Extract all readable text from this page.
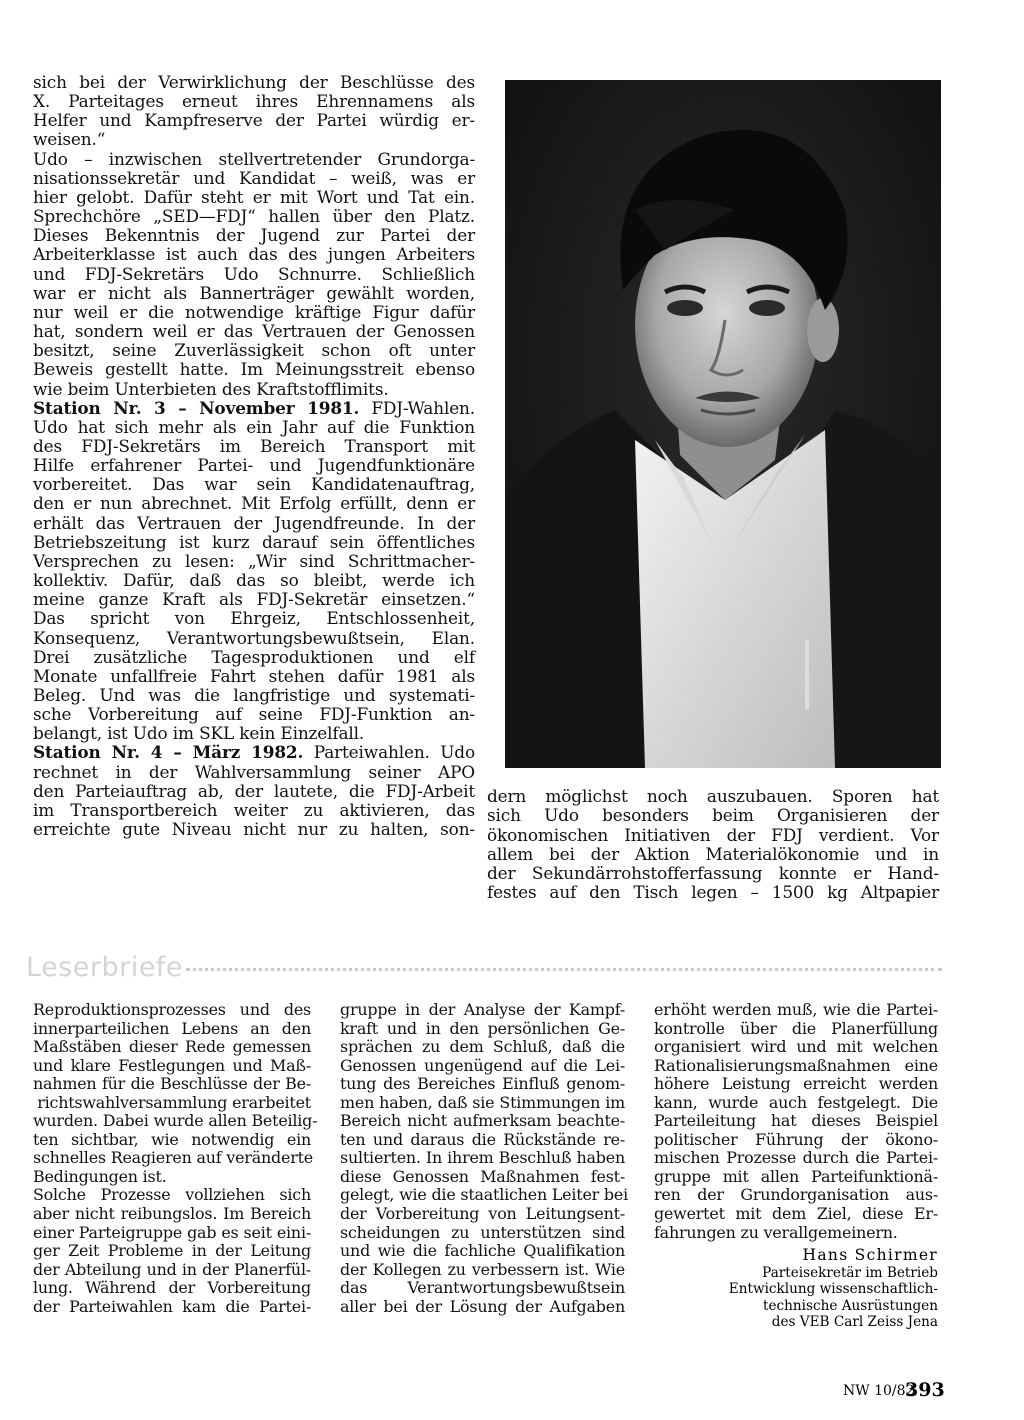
sich bei der Verwirklichung der Beschlüsse des
X. Parteitages erneut ihres Ehrennamens als
Helfer und Kampfreserve der Partei würdig er-
weisen.“
Udo – inzwischen stellvertretender Grundorga-
nisationssekretär und Kandidat – weiß, was er
hier gelobt. Dafür steht er mit Wort und Tat ein.
Sprechchöre „SED—FDJ“ hallen über den Platz.
Dieses Bekenntnis der Jugend zur Partei der
Arbeiterklasse ist auch das des jungen Arbeiters
und FDJ-Sekretärs Udo Schnurre. Schließlich
war er nicht als Bannerträger gewählt worden,
nur weil er die notwendige kräftige Figur dafür
hat, sondern weil er das Vertrauen der Genossen
besitzt, seine Zuverlässigkeit schon oft unter
Beweis gestellt hatte. Im Meinungsstreit ebenso
wie beim Unterbieten des Kraftstofflimits.
Station Nr. 3 – November 1981. FDJ-Wahlen.
Udo hat sich mehr als ein Jahr auf die Funktion
des FDJ-Sekretärs im Bereich Transport mit
Hilfe erfahrener Partei- und Jugendfunktionäre
vorbereitet. Das war sein Kandidatenauftrag,
den er nun abrechnet. Mit Erfolg erfüllt, denn er
erhält das Vertrauen der Jugendfreunde. In der
Betriebszeitung ist kurz darauf sein öffentliches
Versprechen zu lesen: „Wir sind Schrittmacher-
kollektiv. Dafür, daß das so bleibt, werde ich
meine ganze Kraft als FDJ-Sekretär einsetzen.“
Das spricht von Ehrgeiz, Entschlossenheit,
Konsequenz, Verantwortungsbewußtsein, Elan.
Drei zusätzliche Tagesproduktionen und elf
Monate unfallfreie Fahrt stehen dafür 1981 als
Beleg. Und was die langfristige und systemati-
sche Vorbereitung auf seine FDJ-Funktion an-
belangt, ist Udo im SKL kein Einzelfall.
Station Nr. 4 – März 1982. Parteiwahlen. Udo
rechnet in der Wahlversammlung seiner APO
den Parteiauftrag ab, der lautete, die FDJ-Arbeit
im Transportbereich weiter zu aktivieren, das
erreichte gute Niveau nicht nur zu halten, son-
dern möglichst noch auszubauen. Sporen hat
sich Udo besonders beim Organisieren der
ökonomischen Initiativen der FDJ verdient. Vor
allem bei der Aktion Materialökonomie und in
der Sekundärrohstofferfassung konnte er Hand-
festes auf den Tisch legen – 1500 kg Altpapier
Leserbriefe
Reproduktionsprozesses und des
innerparteilichen Lebens an den
Maßstäben dieser Rede gemessen
und klare Festlegungen und Maß-
nahmen für die Beschlüsse der Be-
richtswahlversammlung erarbeitet
wurden. Dabei wurde allen Beteilig-
ten sichtbar, wie notwendig ein
schnelles Reagieren auf veränderte
Bedingungen ist.
Solche Prozesse vollziehen sich
aber nicht reibungslos. Im Bereich
einer Parteigruppe gab es seit eini-
ger Zeit Probleme in der Leitung
der Abteilung und in der Planerfül-
lung. Während der Vorbereitung
der Parteiwahlen kam die Partei-
gruppe in der Analyse der Kampf-
kraft und in den persönlichen Ge-
sprächen zu dem Schluß, daß die
Genossen ungenügend auf die Lei-
tung des Bereiches Einfluß genom-
men haben, daß sie Stimmungen im
Bereich nicht aufmerksam beachte-
ten und daraus die Rückstände re-
sultierten. In ihrem Beschluß haben
diese Genossen Maßnahmen fest-
gelegt, wie die staatlichen Leiter bei
der Vorbereitung von Leitungsent-
scheidungen zu unterstützen sind
und wie die fachliche Qualifikation
der Kollegen zu verbessern ist. Wie
das Verantwortungsbewußtsein
aller bei der Lösung der Aufgaben
erhöht werden muß, wie die Partei-
kontrolle über die Planerfüllung
organisiert wird und mit welchen
Rationalisierungsmaßnahmen eine
höhere Leistung erreicht werden
kann, wurde auch festgelegt. Die
Parteileitung hat dieses Beispiel
politischer Führung der ökono-
mischen Prozesse durch die Partei-
gruppe mit allen Parteifunktionä-
ren der Grundorganisation aus-
gewertet mit dem Ziel, diese Er-
fahrungen zu verallgemeinern.
Hans Schirmer
Parteisekretär im Betrieb
Entwicklung wissenschaftlich-
technische Ausrüstungen
des VEB Carl Zeiss Jena
NW 10/82
393
